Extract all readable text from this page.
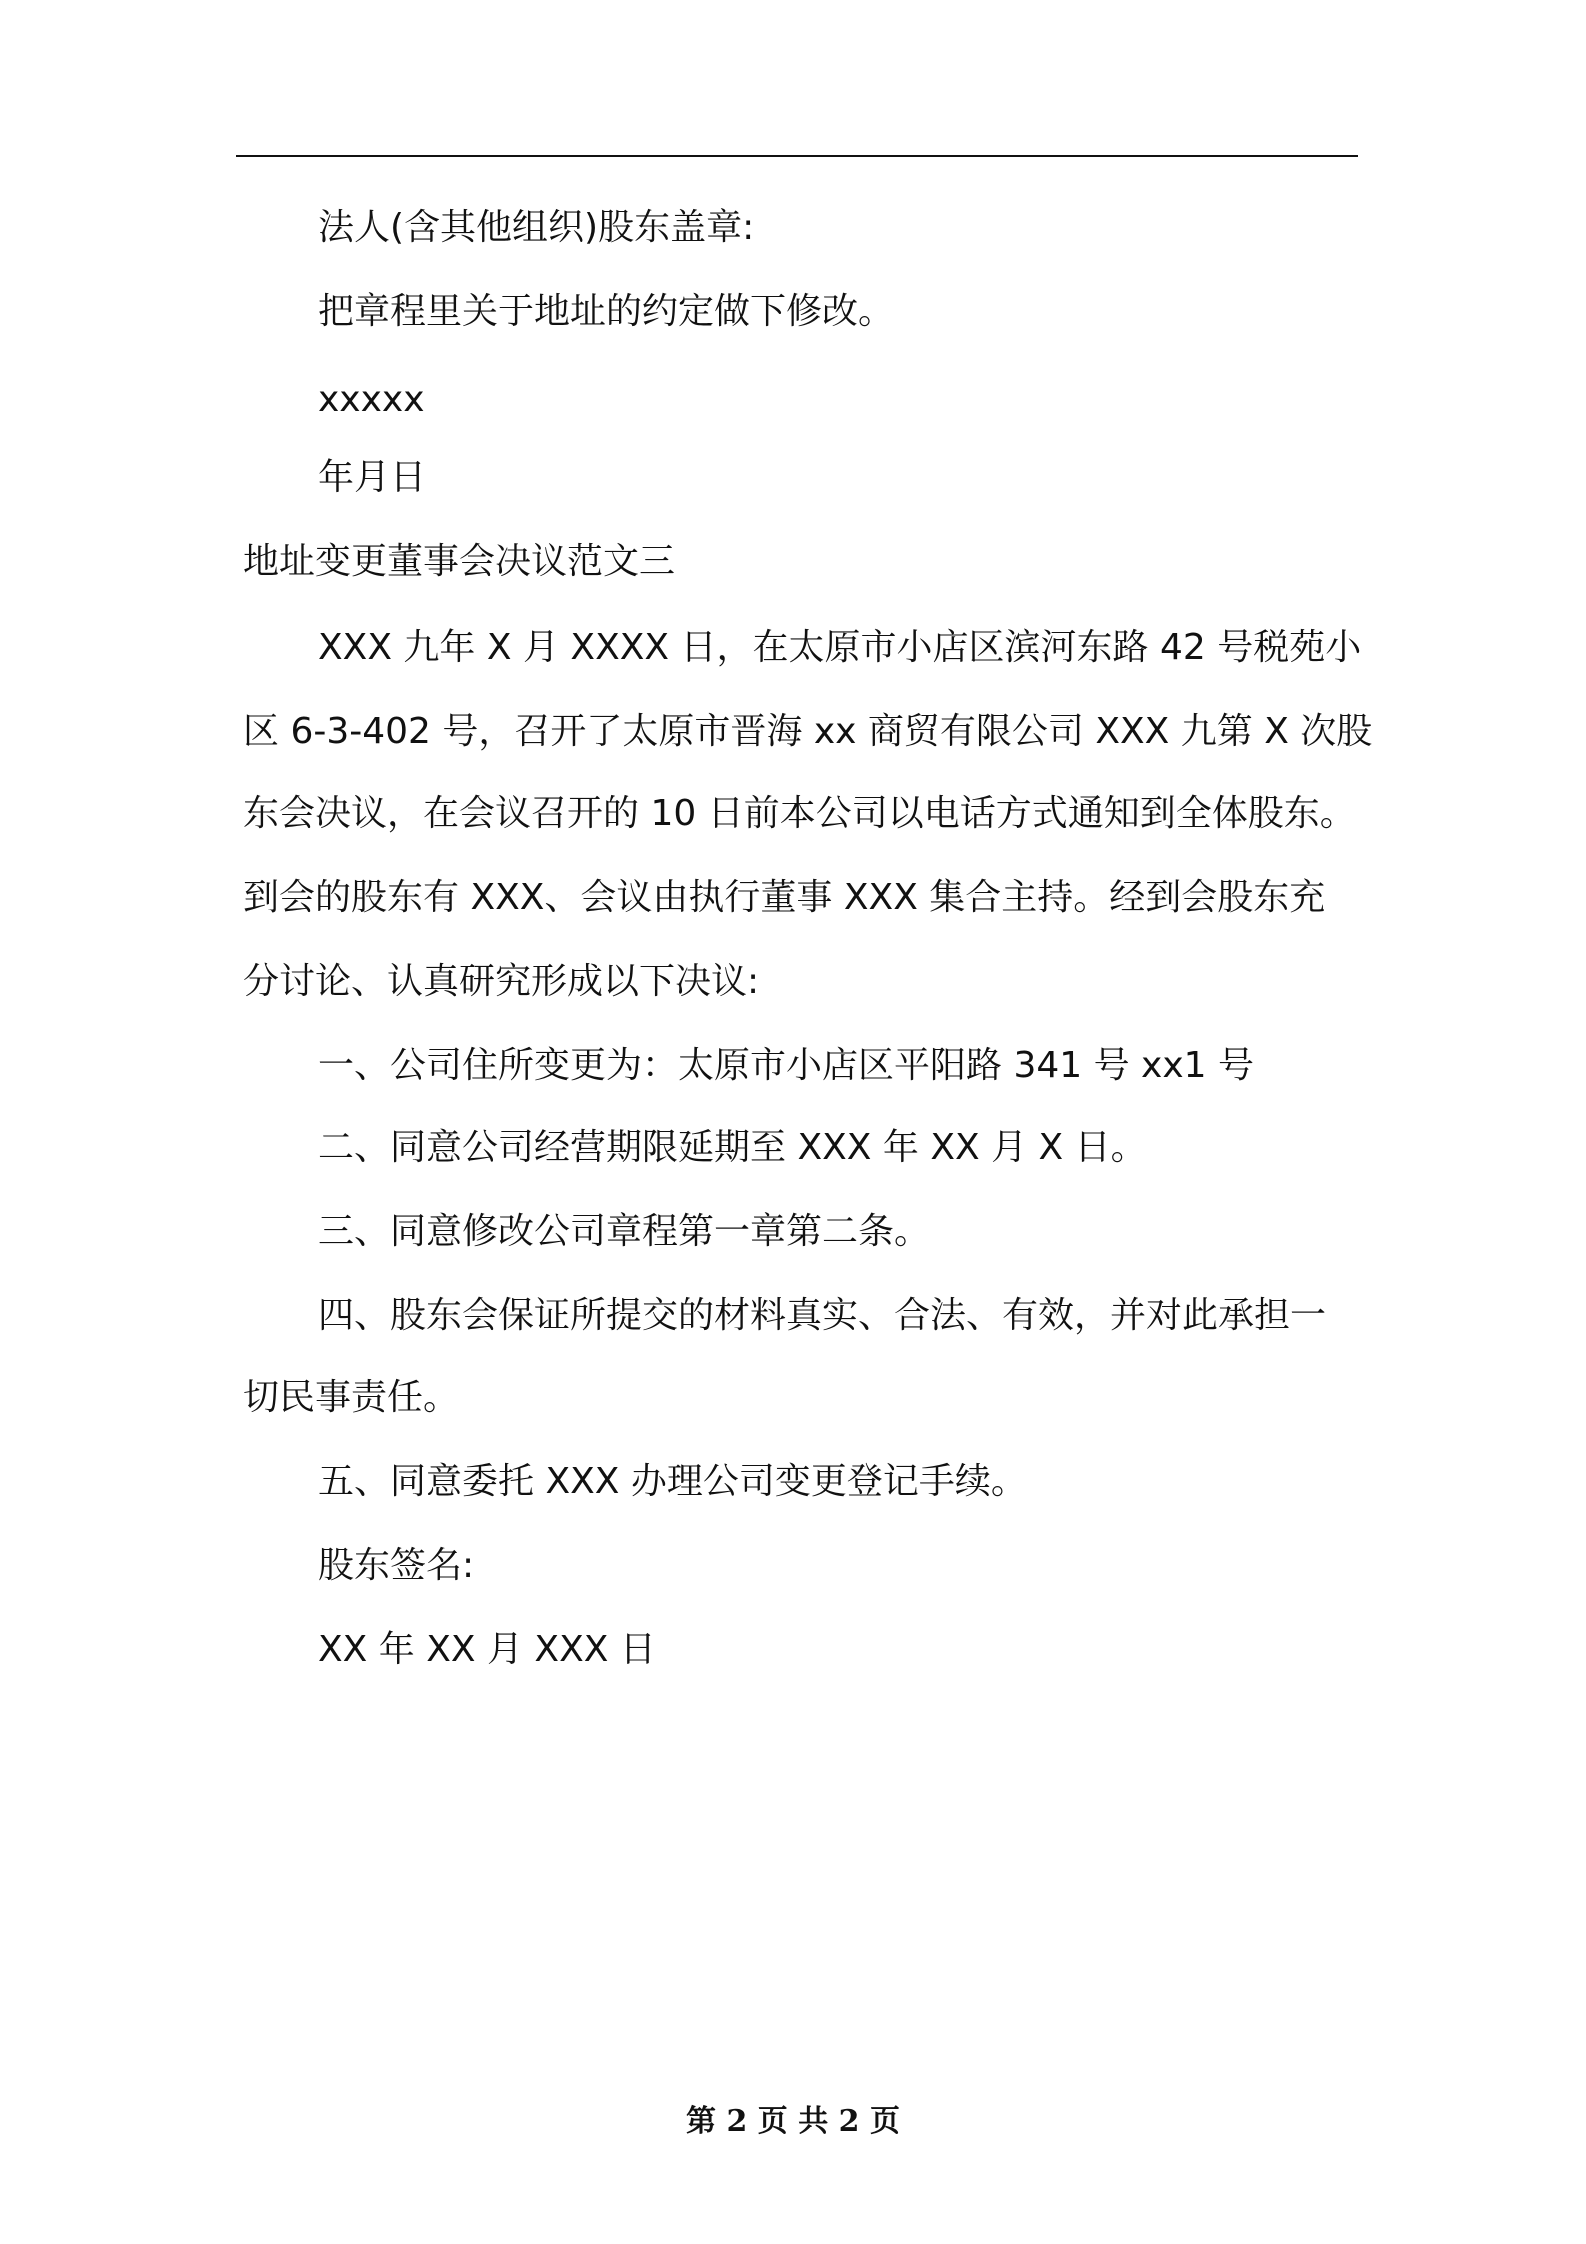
法人(含其他组织)股东盖章:
把章程里关于地址的约定做下修改。
xxxxx
年月日
地址变更董事会决议范文三
XXX 九年 X 月 XXXX 日，在太原市小店区滨河东路 42 号税苑小
区 6-3-402 号，召开了太原市晋海 xx 商贸有限公司 XXX 九第 X 次股
东会决议，在会议召开的 10 日前本公司以电话方式通知到全体股东。
到会的股东有 XXX、会议由执行董事 XXX 集合主持。经到会股东充
分讨论、认真研究形成以下决议:
一、公司住所变更为：太原市小店区平阳路 341 号 xx1 号
二、同意公司经营期限延期至 XXX 年 XX 月 X 日。
三、同意修改公司章程第一章第二条。
四、股东会保证所提交的材料真实、合法、有效，并对此承担一
切民事责任。
五、同意委托 XXX 办理公司变更登记手续。
股东签名:
XX 年 XX 月 XXX 日
第 2 页 共 2 页
